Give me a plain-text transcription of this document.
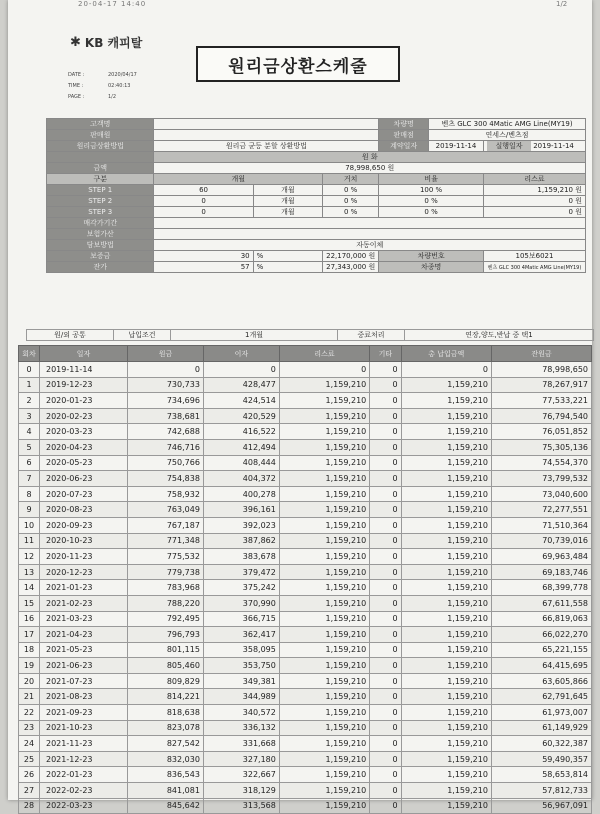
20-04-17 14:40	1/2
✱ KB 캐피탈
원리금상환스케줄
DATE :	2020/04/17
TIME :	02:40:13
PAGE :	1/2
고객명				차량명	벤츠 GLC 300 4Matic AMG Line(MY19)	
판매원				판매점	연세스/벤츠점	
원리금상환방법	원리금 균등 분할 상환방법			계약일자	2019-11-14	실행일자 2019-11-14
	원 화					
금액	78,998,650 원					
구분	개월		거치	비율		리스료
STEP 1	60	개월	0 %	100 %		1,159,210 원
STEP 2	0	개월	0 %	0 %		0 원
STEP 3	0	개월	0 %	0 %		0 원
매각가기간						
보험가산						
담보방법	자동이체					
보증금	30	%	22,170,000 원	차량번호		105보6021
잔가	57	%	27,343,000 원	차종명		벤츠 GLC 300 4Matic AMG Line(MY19)
원/외 공통	납입조건	1개월	중료처리	연장,양도,반납 중 택1
회차	일자	원금	이자	리스료	기타	총 납입금액	잔원금
0	2019-11-14	0	0	0	0	0	78,998,650
1	2019-12-23	730,733	428,477	1,159,210	0	1,159,210	78,267,917
2	2020-01-23	734,696	424,514	1,159,210	0	1,159,210	77,533,221
3	2020-02-23	738,681	420,529	1,159,210	0	1,159,210	76,794,540
4	2020-03-23	742,688	416,522	1,159,210	0	1,159,210	76,051,852
5	2020-04-23	746,716	412,494	1,159,210	0	1,159,210	75,305,136
6	2020-05-23	750,766	408,444	1,159,210	0	1,159,210	74,554,370
7	2020-06-23	754,838	404,372	1,159,210	0	1,159,210	73,799,532
8	2020-07-23	758,932	400,278	1,159,210	0	1,159,210	73,040,600
9	2020-08-23	763,049	396,161	1,159,210	0	1,159,210	72,277,551
10	2020-09-23	767,187	392,023	1,159,210	0	1,159,210	71,510,364
11	2020-10-23	771,348	387,862	1,159,210	0	1,159,210	70,739,016
12	2020-11-23	775,532	383,678	1,159,210	0	1,159,210	69,963,484
13	2020-12-23	779,738	379,472	1,159,210	0	1,159,210	69,183,746
14	2021-01-23	783,968	375,242	1,159,210	0	1,159,210	68,399,778
15	2021-02-23	788,220	370,990	1,159,210	0	1,159,210	67,611,558
16	2021-03-23	792,495	366,715	1,159,210	0	1,159,210	66,819,063
17	2021-04-23	796,793	362,417	1,159,210	0	1,159,210	66,022,270
18	2021-05-23	801,115	358,095	1,159,210	0	1,159,210	65,221,155
19	2021-06-23	805,460	353,750	1,159,210	0	1,159,210	64,415,695
20	2021-07-23	809,829	349,381	1,159,210	0	1,159,210	63,605,866
21	2021-08-23	814,221	344,989	1,159,210	0	1,159,210	62,791,645
22	2021-09-23	818,638	340,572	1,159,210	0	1,159,210	61,973,007
23	2021-10-23	823,078	336,132	1,159,210	0	1,159,210	61,149,929
24	2021-11-23	827,542	331,668	1,159,210	0	1,159,210	60,322,387
25	2021-12-23	832,030	327,180	1,159,210	0	1,159,210	59,490,357
26	2022-01-23	836,543	322,667	1,159,210	0	1,159,210	58,653,814
27	2022-02-23	841,081	318,129	1,159,210	0	1,159,210	57,812,733
28	2022-03-23	845,642	313,568	1,159,210	0	1,159,210	56,967,091
